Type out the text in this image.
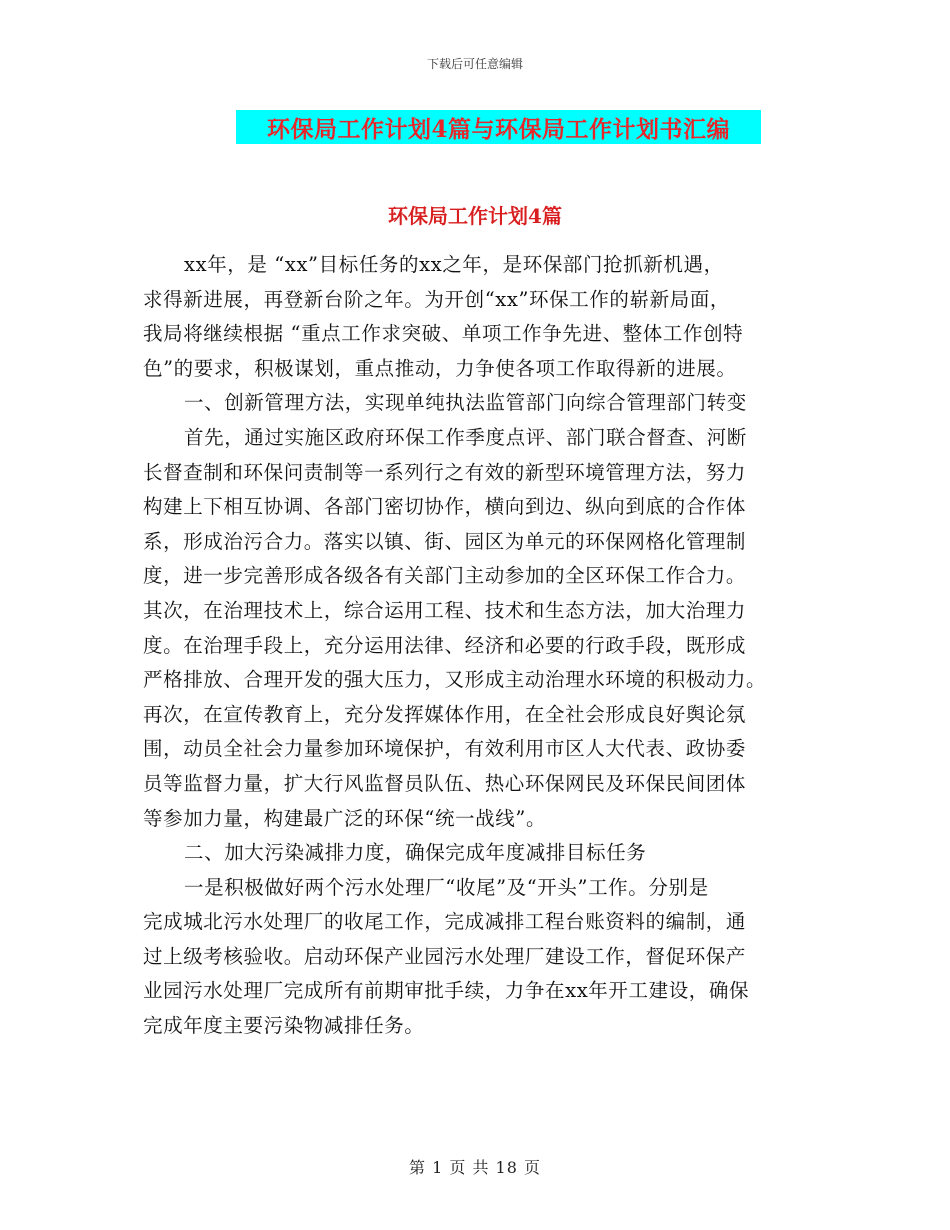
下载后可任意编辑
环保局工作计划4篇与环保局工作计划书汇编
环保局工作计划4篇
xx年，是 “xx”目标任务的xx之年，是环保部门抢抓新机遇，
求得新进展，再登新台阶之年。为开创“xx”环保工作的崭新局面，
我局将继续根据 “重点工作求突破、单项工作争先进、整体工作创特
色”的要求，积极谋划，重点推动，力争使各项工作取得新的进展。
一、创新管理方法，实现单纯执法监管部门向综合管理部门转变
首先，通过实施区政府环保工作季度点评、部门联合督查、河断
长督查制和环保问责制等一系列行之有效的新型环境管理方法，努力
构建上下相互协调、各部门密切协作，横向到边、纵向到底的合作体
系，形成治污合力。落实以镇、街、园区为单元的环保网格化管理制
度，进一步完善形成各级各有关部门主动参加的全区环保工作合力。
其次，在治理技术上，综合运用工程、技术和生态方法，加大治理力
度。在治理手段上，充分运用法律、经济和必要的行政手段，既形成
严格排放、合理开发的强大压力，又形成主动治理水环境的积极动力。
再次，在宣传教育上，充分发挥媒体作用，在全社会形成良好舆论氛
围，动员全社会力量参加环境保护，有效利用市区人大代表、政协委
员等监督力量，扩大行风监督员队伍、热心环保网民及环保民间团体
等参加力量，构建最广泛的环保“统一战线”。
二、加大污染减排力度，确保完成年度减排目标任务
一是积极做好两个污水处理厂“收尾”及“开头”工作。分别是
完成城北污水处理厂的收尾工作，完成减排工程台账资料的编制，通
过上级考核验收。启动环保产业园污水处理厂建设工作，督促环保产
业园污水处理厂完成所有前期审批手续，力争在xx年开工建设，确保
完成年度主要污染物减排任务。
第 1 页 共 18 页
